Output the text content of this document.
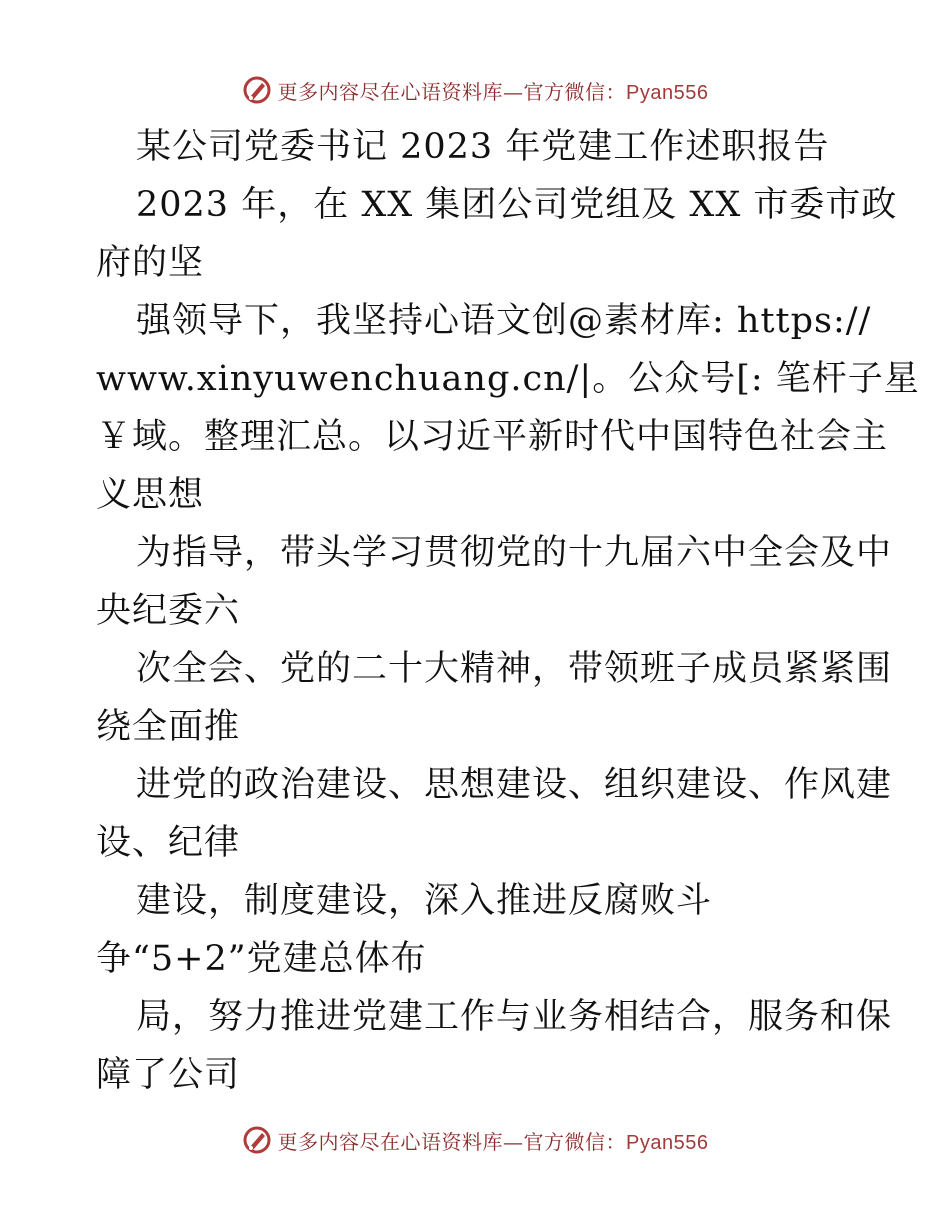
更多内容尽在心语资料库—官方微信：Pyan556
某公司党委书记 2023 年党建工作述职报告
2023 年，在 XX 集团公司党组及 XX 市委市政
府的坚
强领导下，我坚持心语文创@素材库: https://
www.xinyuwenchuang.cn/|。公众号[: 笔杆子星
￥域。整理汇总。以习近平新时代中国特色社会主
义思想
为指导，带头学习贯彻党的十九届六中全会及中
央纪委六
次全会、党的二十大精神，带领班子成员紧紧围
绕全面推
进党的政治建设、思想建设、组织建设、作风建
设、纪律
建设，制度建设，深入推进反腐败斗
争“5+2”党建总体布
局，努力推进党建工作与业务相结合，服务和保
障了公司
更多内容尽在心语资料库—官方微信：Pyan556
